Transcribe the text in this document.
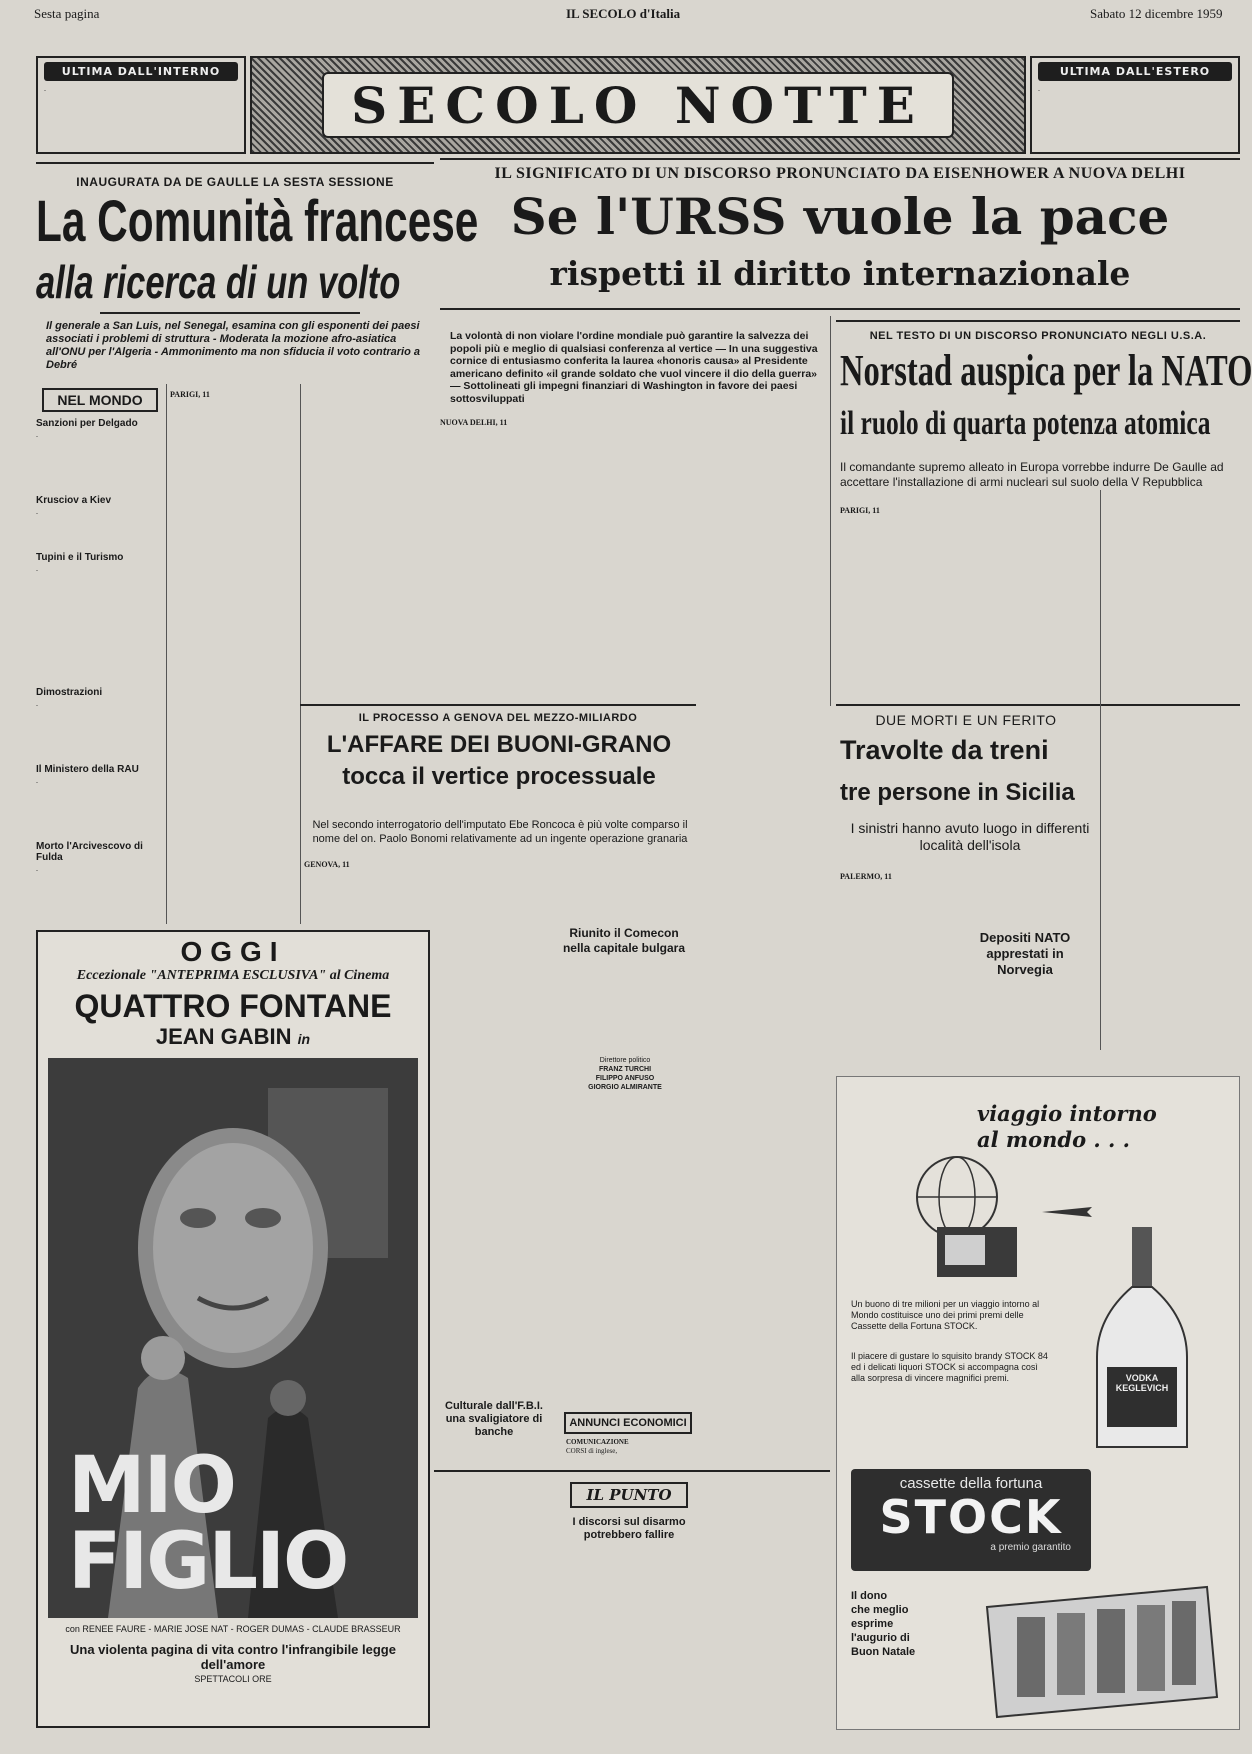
Sesta pagina	IL SECOLO d'Italia	Sabato 12 dicembre 1959
ULTIMA DALL'INTERNO
.	SECOLO NOTTE
ULTIMA DALL'ESTERO
.
INAUGURATA DA DE GAULLE LA SESTA SESSIONE
La Comunità francese
alla ricerca di un volto
Il generale a San Luis, nel Senegal, esamina con gli esponenti dei paesi associati i problemi di struttura - Moderata la mozione afro-asiatica all'ONU per l'Algeria - Ammonimento ma non sfiducia il voto contrario a Debré
NEL MONDO
Sanzioni per Delgado
.
Krusciov a Kiev
.
Tupini e il Turismo
.
Dimostrazioni
.
Il Ministero della RAU
.
Morto l'Arcivescovo di Fulda
.
PARIGI, 11
IL SIGNIFICATO DI UN DISCORSO PRONUNCIATO DA EISENHOWER A NUOVA DELHI
Se l'URSS vuole la pace
rispetti il diritto internazionale
La volontà di non violare l'ordine mondiale può garantire la salvezza dei popoli più e meglio di qualsiasi conferenza al vertice — In una suggestiva cornice di entusiasmo conferita la laurea «honoris causa» al Presidente americano definito «il grande soldato che vuol vincere il dio della guerra» — Sottolineati gli impegni finanziari di Washington in favore dei paesi sottosviluppati
NUOVA DELHI, 11
NEL TESTO DI UN DISCORSO PRONUNCIATO NEGLI U.S.A.
Norstad auspica per la NATO
il ruolo di quarta potenza atomica
Il comandante supremo alleato in Europa vorrebbe indurre De Gaulle ad accettare l'installazione di armi nucleari sul suolo della V Repubblica
PARIGI, 11
IL PROCESSO A GENOVA DEL MEZZO-MILIARDO
L'AFFARE DEI BUONI-GRANO
tocca il vertice processuale
Nel secondo interrogatorio dell'imputato Ebe Roncoca è più volte comparso il nome del on. Paolo Bonomi relativamente ad un ingente operazione granaria
GENOVA, 11
DUE MORTI E UN FERITO
Travolte da treni
tre persone in Sicilia
I sinistri hanno avuto luogo in differenti località dell'isola
PALERMO, 11
Depositi NATO apprestati in Norvegia
Riunito il Comecon
nella capitale bulgara
Direttore politico
FRANZ TURCHI
FILIPPO ANFUSO
GIORGIO ALMIRANTE
Culturale dall'F.B.I.
una svaligiatore di banche
ANNUNCI ECONOMICI
COMUNICAZIONE
CORSI di inglese,
IL PUNTO
I discorsi sul disarmo
potrebbero fallire
OGGI
Eccezionale "ANTEPRIMA ESCLUSIVA" al Cinema
QUATTRO FONTANE
JEAN GABIN in
MIO
FIGLIO
con RENEE FAURE - MARIE JOSE NAT - ROGER DUMAS - CLAUDE BRASSEUR
Una violenta pagina di vita contro l'infrangibile legge dell'amore
SPETTACOLI ORE
viaggio intorno
al mondo . . .
Un buono di tre milioni per un viaggio intorno al Mondo costituisce uno dei primi premi delle Cassette della Fortuna STOCK.
Il piacere di gustare lo squisito brandy STOCK 84 ed i delicati liquori STOCK si accompagna così alla sorpresa di vincere magnifici premi.	VODKA
KEGLEVICH
cassette della fortuna
STOCK
a premio garantito
Il dono
che meglio
esprime
l'augurio di
Buon Natale
